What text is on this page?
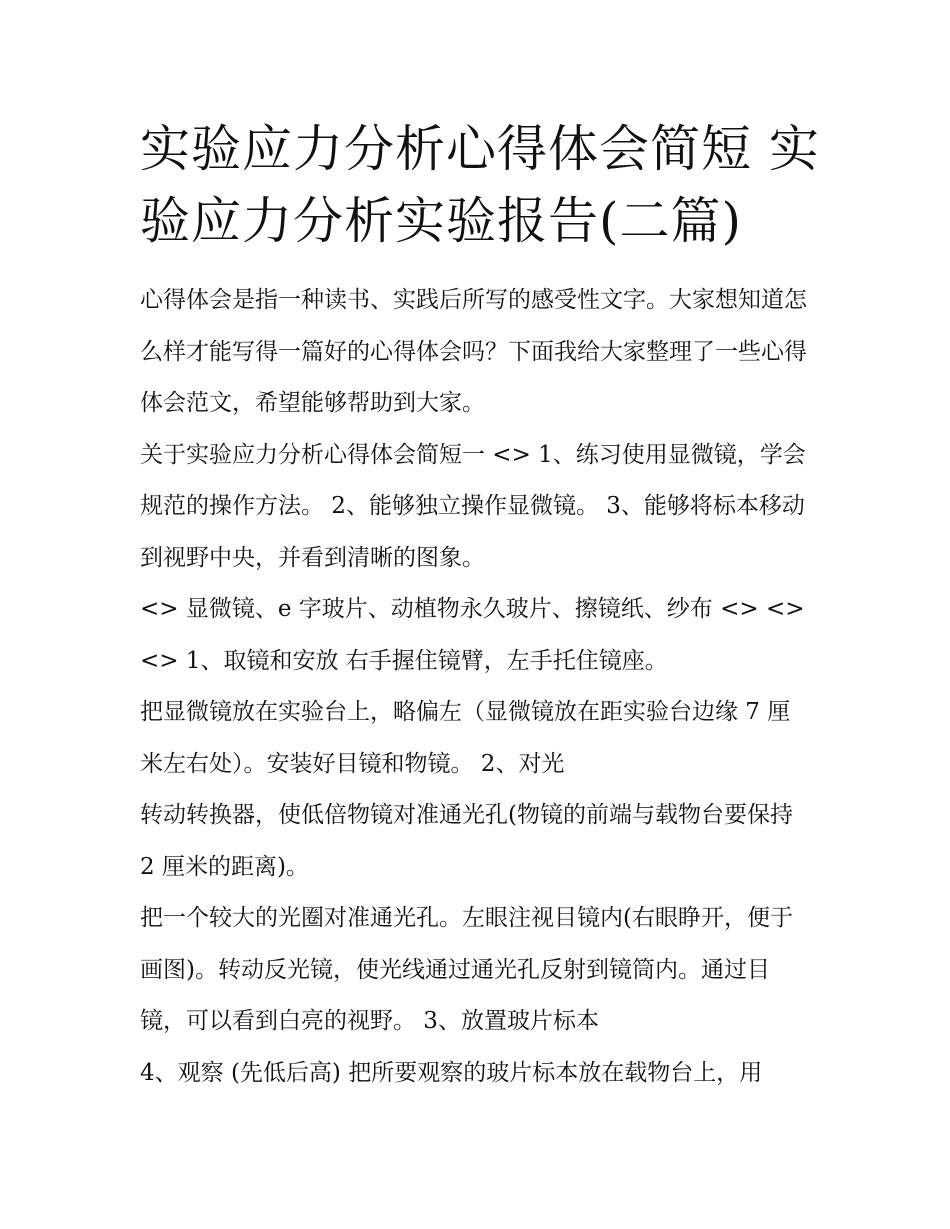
实验应力分析心得体会简短 实验应力分析实验报告(二篇)

心得体会是指一种读书、实践后所写的感受性文字。大家想知道怎么样才能写得一篇好的心得体会吗？下面我给大家整理了一些心得体会范文，希望能够帮助到大家。

关于实验应力分析心得体会简短一 <> 1、练习使用显微镜，学会规范的操作方法。 2、能够独立操作显微镜。 3、能够将标本移动到视野中央，并看到清晰的图象。

<> 显微镜、e 字玻片、动植物永久玻片、擦镜纸、纱布 <> <> <> 1、取镜和安放 右手握住镜臂，左手托住镜座。

把显微镜放在实验台上，略偏左（显微镜放在距实验台边缘 7 厘米左右处）。安装好目镜和物镜。 2、对光

转动转换器，使低倍物镜对准通光孔(物镜的前端与载物台要保持 2 厘米的距离)。

把一个较大的光圈对准通光孔。左眼注视目镜内(右眼睁开，便于画图)。转动反光镜，使光线通过通光孔反射到镜筒内。通过目镜，可以看到白亮的视野。 3、放置玻片标本

4、观察 (先低后高) 把所要观察的玻片标本放在载物台上，用
